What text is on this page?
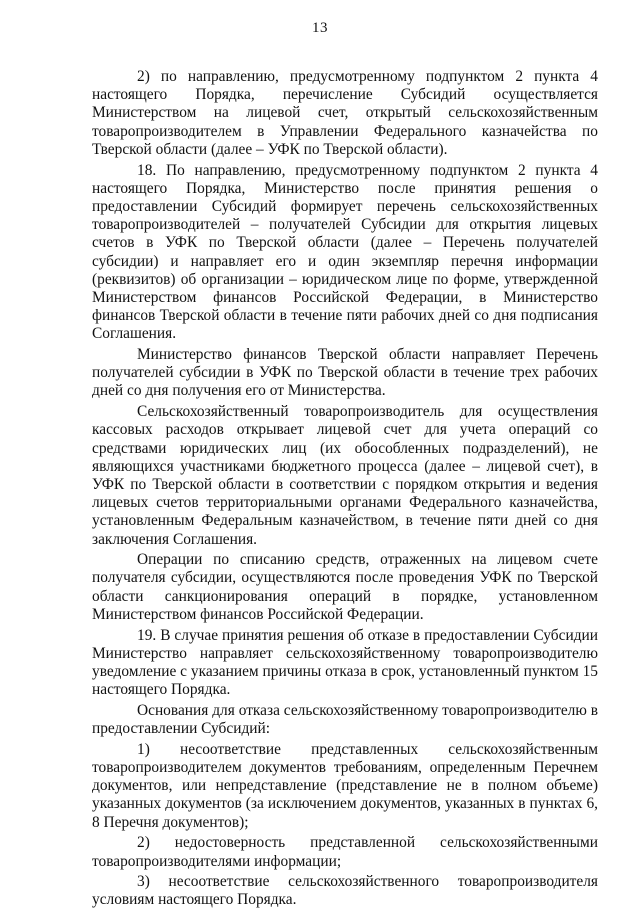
13

2) по направлению, предусмотренному подпунктом 2 пункта 4 настоящего Порядка, перечисление Субсидий осуществляется Министерством на лицевой счет, открытый сельскохозяйственным товаропроизводителем в Управлении Федерального казначейства по Тверской области (далее – УФК по Тверской области).

18. По направлению, предусмотренному подпунктом 2 пункта 4 настоящего Порядка, Министерство после принятия решения о предоставлении Субсидий формирует перечень сельскохозяйственных товаропроизводителей – получателей Субсидии для открытия лицевых счетов в УФК по Тверской области (далее – Перечень получателей субсидии) и направляет его и один экземпляр перечня информации (реквизитов) об организации – юридическом лице по форме, утвержденной Министерством финансов Российской Федерации, в Министерство финансов Тверской области в течение пяти рабочих дней со дня подписания Соглашения.

Министерство финансов Тверской области направляет Перечень получателей субсидии в УФК по Тверской области в течение трех рабочих дней со дня получения его от Министерства.

Сельскохозяйственный товаропроизводитель для осуществления кассовых расходов открывает лицевой счет для учета операций со средствами юридических лиц (их обособленных подразделений), не являющихся участниками бюджетного процесса (далее – лицевой счет), в УФК по Тверской области в соответствии с порядком открытия и ведения лицевых счетов территориальными органами Федерального казначейства, установленным Федеральным казначейством, в течение пяти дней со дня заключения Соглашения.

Операции по списанию средств, отраженных на лицевом счете получателя субсидии, осуществляются после проведения УФК по Тверской области санкционирования операций в порядке, установленном Министерством финансов Российской Федерации.

19. В случае принятия решения об отказе в предоставлении Субсидии Министерство направляет сельскохозяйственному товаропроизводителю уведомление с указанием причины отказа в срок, установленный пунктом 15 настоящего Порядка.

Основания для отказа сельскохозяйственному товаропроизводителю в предоставлении Субсидий:

1) несоответствие представленных сельскохозяйственным товаропроизводителем документов требованиям, определенным Перечнем документов, или непредставление (представление не в полном объеме) указанных документов (за исключением документов, указанных в пунктах 6, 8 Перечня документов);

2) недостоверность представленной сельскохозяйственными товаропроизводителями информации;

3) несоответствие сельскохозяйственного товаропроизводителя условиям настоящего Порядка.
